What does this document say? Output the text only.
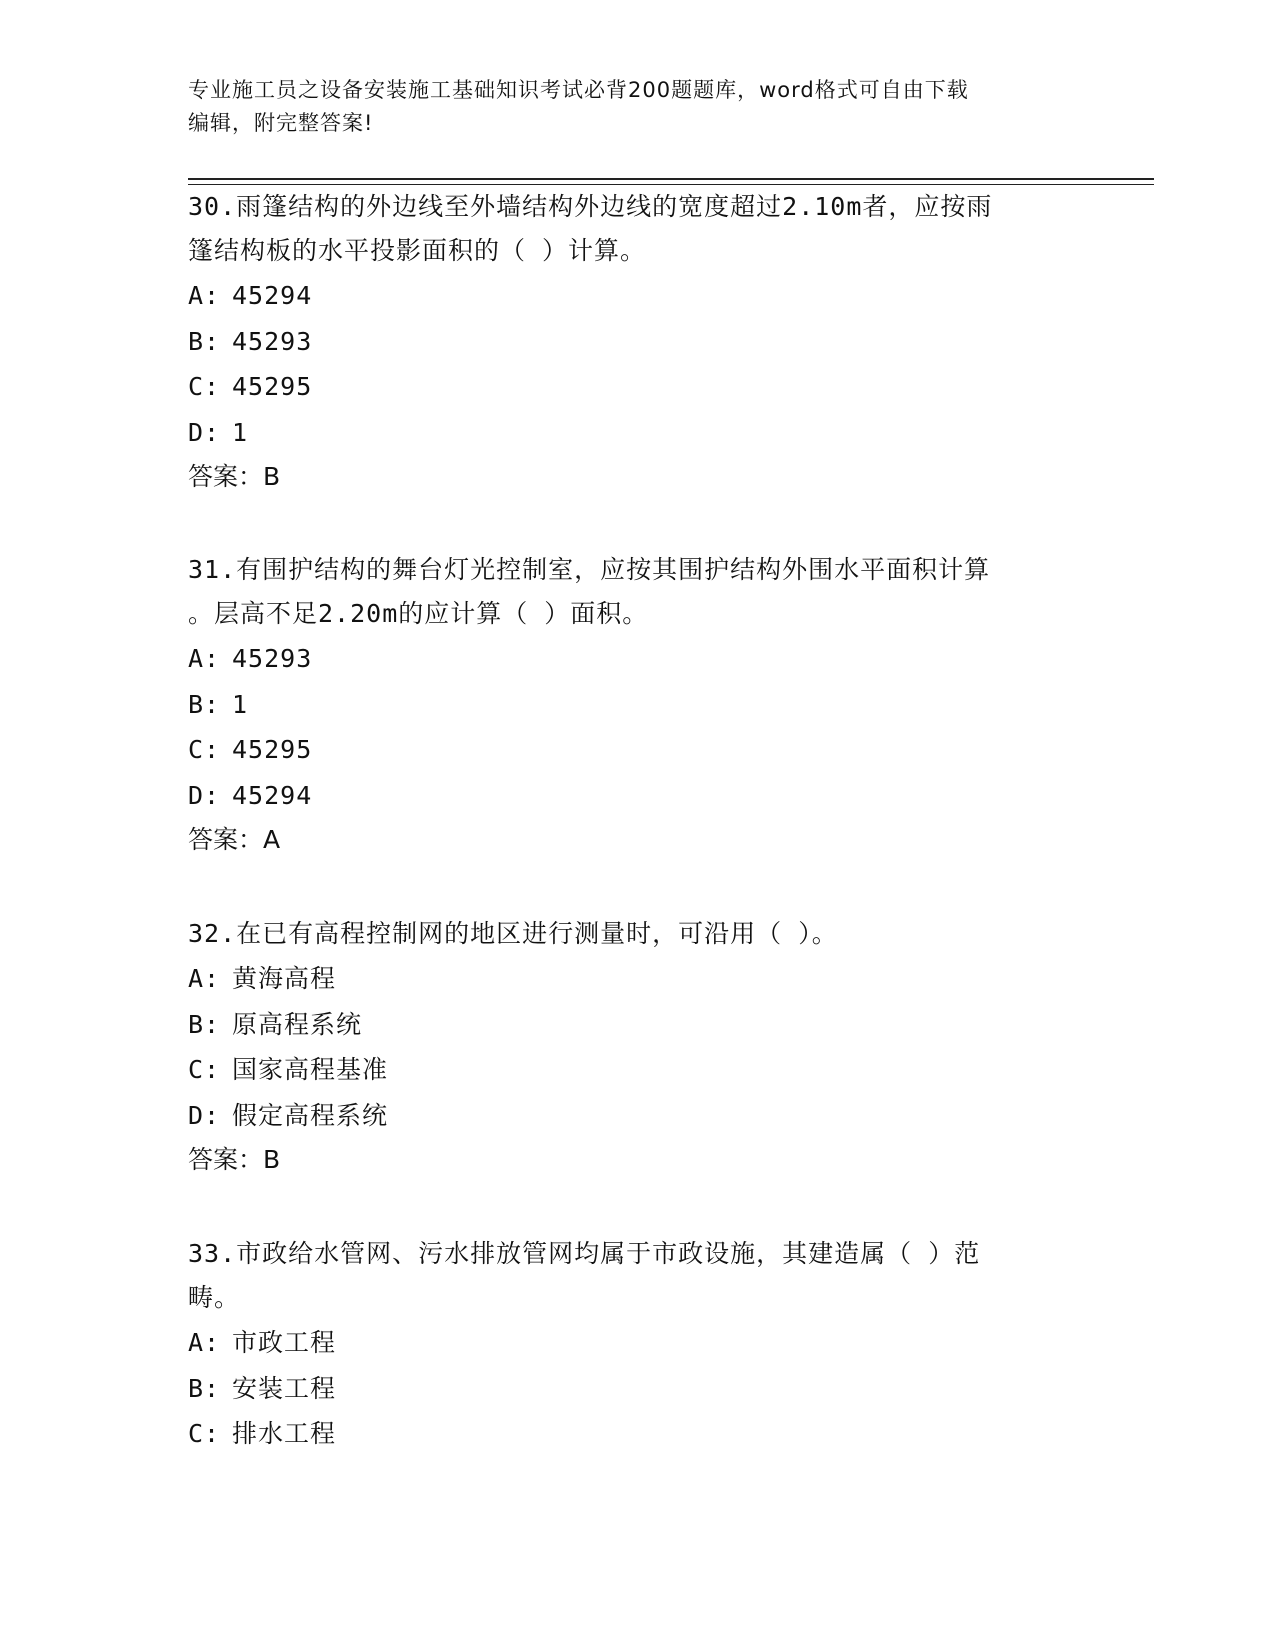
专业施工员之设备安装施工基础知识考试必背200题题库，word格式可自由下载
编辑，附完整答案!

30.雨篷结构的外边线至外墙结构外边线的宽度超过2.10m者，应按雨
篷结构板的水平投影面积的（ ）计算。

A: 45294

B: 45293

C: 45295

D: 1

答案：B

31.有围护结构的舞台灯光控制室，应按其围护结构外围水平面积计算
。层高不足2.20m的应计算（ ）面积。

A: 45293

B: 1

C: 45295

D: 45294

答案：A

32.在已有高程控制网的地区进行测量时，可沿用（ ）。

A: 黄海高程

B: 原高程系统

C: 国家高程基准

D: 假定高程系统

答案：B

33.市政给水管网、污水排放管网均属于市政设施，其建造属（ ）范
畴。

A: 市政工程

B: 安装工程

C: 排水工程
